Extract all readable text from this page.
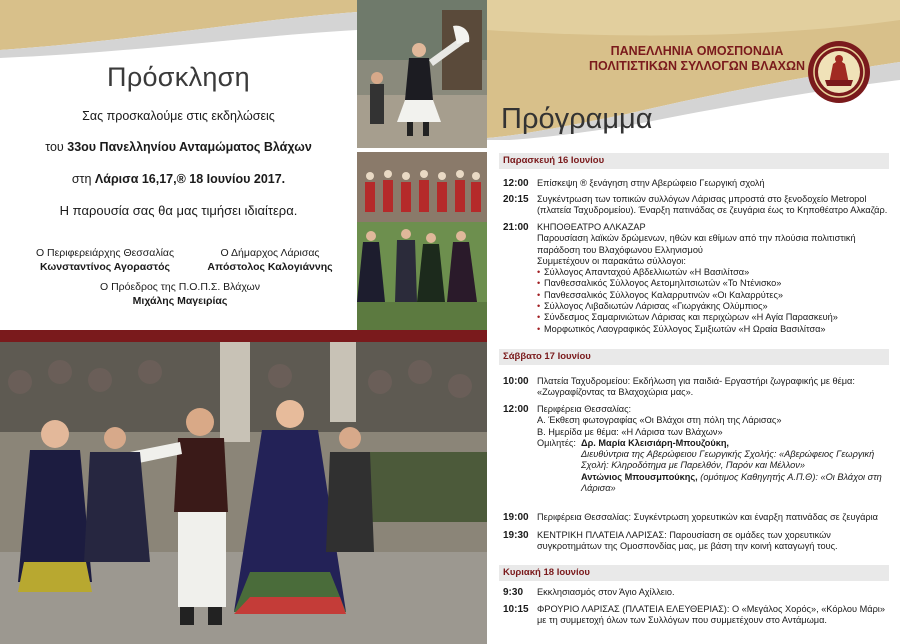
Πρόσκληση
Σας προσκαλούμε στις εκδηλώσεις
του 33ου Πανελληνίου Ανταμώματος Βλάχων
στη Λάρισα 16,17,® 18 Ιουνίου 2017.
Η παρουσία σας θα μας τιμήσει ιδιαίτερα.
Ο Περιφερειάρχης Θεσσαλίας
Κωνσταντίνος Αγοραστός
Ο Δήμαρχος Λάρισας
Απόστολος Καλογιάννης
Ο Πρόεδρος της Π.Ο.Π.Σ. Βλάχων
Μιχάλης Μαγειρίας
ΠΑΝΕΛΛΗΝΙΑ ΟΜΟΣΠΟΝΔΙΑ
ΠΟΛΙΤΙΣΤΙΚΩΝ ΣΥΛΛΟΓΩΝ ΒΛΑΧΩΝ
Πρόγραμμα
Παρασκευή 16 Ιουνίου
12:00 Επίσκεψη ® ξενάγηση στην Αβερώφειο Γεωργική σχολή
20:15 Συγκέντρωση των τοπικών συλλόγων Λάρισας μπροστά στο ξενοδοχείο Metropol (πλατεία Ταχυδρομείου). Έναρξη πατινάδας σε ζευγάρια έως το Κηποθέατρο Αλκαζάρ.
21:00 ΚΗΠΟΘΕΑΤΡΟ ΑΛΚΑΖΑΡ
Παρουσίαση λαϊκών δρώμενων, ηθών και εθίμων από την πλούσια πολιτιστική παράδοση του Βλαχόφωνου Ελληνισμού
Συμμετέχουν οι παρακάτω σύλλογοι:
• Σύλλογος Απανταχού Αβδελλιωτών «Η Βασιλίτσα»
• Πανθεσσαλικός Σύλλογος Αετομηλιτσιωτών «Το Ντένισκο»
• Πανθεσσαλικός Σύλλογος Καλαρρυτινών «Οι Καλαρρύτες»
• Σύλλογος Λιβαδιωτών Λάρισας «Γιωργάκης Ολύμπιος»
• Σύνδεσμος Σαμαρινιώτων Λάρισας και περιχώρων «Η Αγία Παρασκευή»
• Μορφωτικός Λαογραφικός Σύλλογος Σμιξιωτών «Η Ωραία Βασιλίτσα»
Σάββατο 17 Ιουνίου
10:00 Πλατεία Ταχυδρομείου: Εκδήλωση για παιδιά- Εργαστήρι ζωγραφικής με θέμα: «Ζωγραφίζοντας τα Βλαχοχώρια μας».
12:00 Περιφέρεια Θεσσαλίας:
Α. Έκθεση φωτογραφίας «Οι Βλάχοι στη πόλη της Λάρισας»
Β. Ημερίδα με θέμα: «Η Λάρισα των Βλάχων»
Ομιλητές: Δρ. Μαρία Κλεισιάρη-Μπουζούκη,
Διευθύντρια της Αβερώφειου Γεωργικής Σχολής: «Αβερώφειος Γεωργική Σχολή: Κληροδότημα με Παρελθόν, Παρόν και Μέλλον»
Αντώνιος Μπουσμπούκης, (ομότιμος Καθηγητής Α.Π.Θ): «Οι Βλάχοι στη Λάρισα»
19:00 Περιφέρεια Θεσσαλίας: Συγκέντρωση χορευτικών και έναρξη πατινάδας σε ζευγάρια
19:30 ΚΕΝΤΡΙΚΗ ΠΛΑΤΕΙΑ ΛΑΡΙΣΑΣ: Παρουσίαση σε ομάδες των χορευτικών συγκροτημάτων της Ομοσπονδίας μας, με βάση την κοινή καταγωγή τους.
Κυριακή 18 Ιουνίου
9:30 Εκκλησιασμός στον Άγιο Αχίλλειο.
10:15 ΦΡΟΥΡΙΟ ΛΑΡΙΣΑΣ (ΠΛΑΤΕΙΑ ΕΛΕΥΘΕΡΙΑΣ): Ο «Μεγάλος Χορός», «Κόρλου Μάρι» με τη συμμετοχή όλων των Συλλόγων που συμμετέχουν στο Αντάμωμα.
